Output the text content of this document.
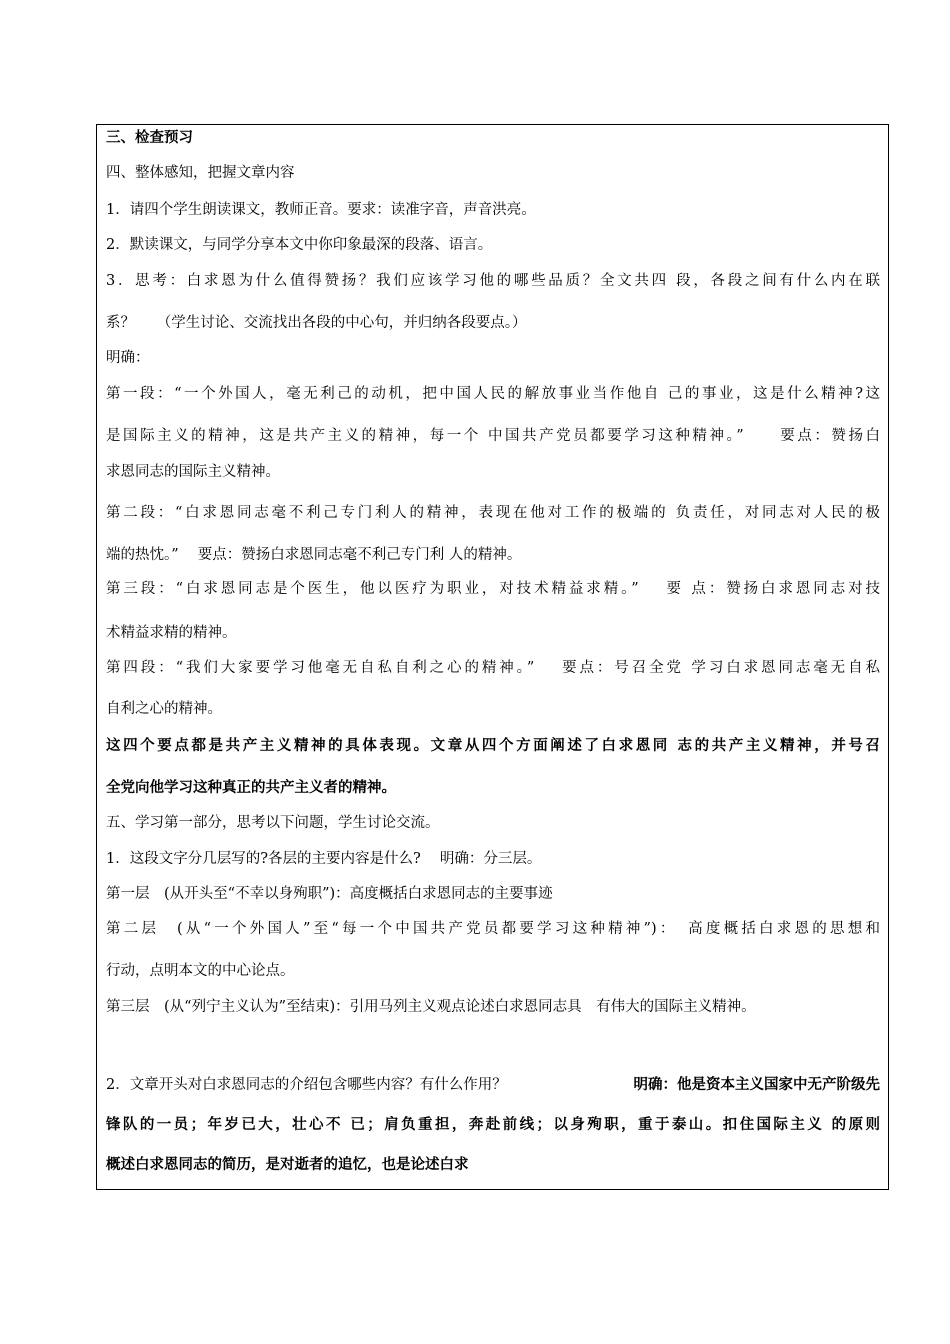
三、检查预习
四、整体感知，把握文章内容
1．请四个学生朗读课文，教师正音。要求：读准字音，声音洪亮。
2．默读课文，与同学分享本文中你印象最深的段落、语言。
3．思考：白求恩为什么值得赞扬？我们应该学习他的哪些品质？全文共四 段，各段之间有什么内在联
系？　　（学生讨论、交流找出各段的中心句，并归纳各段要点。）
明确：
第一段：“一个外国人，毫无利己的动机，把中国人民的解放事业当作他自 己的事业，这是什么精神?这
是国际主义的精神，这是共产主义的精神，每一个 中国共产党员都要学习这种精神。”　　要点：赞扬白
求恩同志的国际主义精神。
第二段：“白求恩同志毫不利己专门利人的精神，表现在他对工作的极端的 负责任，对同志对人民的极
端的热忱。”　 要点：赞扬白求恩同志毫不利己专门利 人的精神。
第三段：“白求恩同志是个医生，他以医疗为职业，对技术精益求精。”　 要 点：赞扬白求恩同志对技
术精益求精的精神。
第四段：“我们大家要学习他毫无自私自利之心的精神。”　 要点：号召全党 学习白求恩同志毫无自私
自利之心的精神。
这四个要点都是共产主义精神的具体表现。文章从四个方面阐述了白求恩同 志的共产主义精神，并号召
全党向他学习这种真正的共产主义者的精神。
五、学习第一部分，思考以下问题，学生讨论交流。
1．这段文字分几层写的?各层的主要内容是什么?　 明确：分三层。
第一层　(从开头至“不幸以身殉职”)：高度概括白求恩同志的主要事迹
第二层　(从“一个外国人”至“每一个中国共产党员都要学习这种精神”)：　高度概括白求恩的思想和
行动，点明本文的中心论点。
第三层　(从“列宁主义认为”至结束)：引用马列主义观点论述白求恩同志具　有伟大的国际主义精神。
2．文章开头对白求恩同志的介绍包含哪些内容？有什么作用？	明确：他是资本主义国家中无产阶级先
锋队的一员；年岁已大，壮心不 已；肩负重担，奔赴前线；以身殉职，重于泰山。扣住国际主义 的原则
概述白求恩同志的简历，是对逝者的追忆，也是论述白求
